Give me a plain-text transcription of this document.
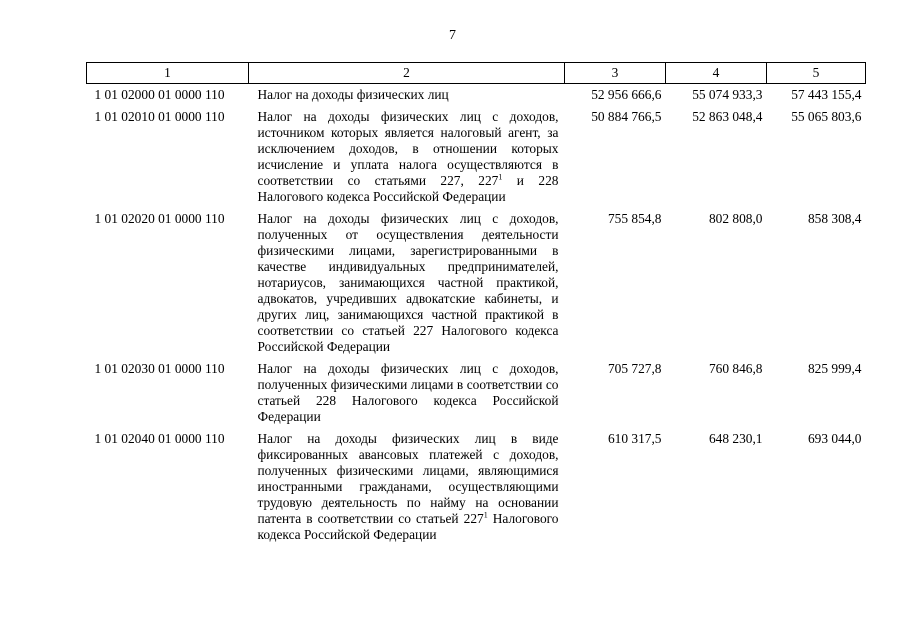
7
1	2	3	4	5
1 01 02000 01 0000 110	Налог на доходы физических лиц	52 956 666,6	55 074 933,3	57 443 155,4
1 01 02010 01 0000 110	Налог на доходы физических лиц с доходов, источником которых является налоговый агент, за исключением доходов, в отношении которых исчисление и уплата налога осуществляются в соответствии со статьями 227, $227^1$ и 228 Налогового кодекса Российской Федерации	50 884 766,5	52 863 048,4	55 065 803,6
1 01 02020 01 0000 110	Налог на доходы физических лиц с доходов, полученных от осуществления деятельности физическими лицами, зарегистрированными в качестве индивидуальных предпринимателей, нотариусов, занимающихся частной практикой, адвокатов, учредивших адвокатские кабинеты, и других лиц, занимающихся частной практикой в соответствии со статьей 227 Налогового кодекса Российской Федерации	755 854,8	802 808,0	858 308,4
1 01 02030 01 0000 110	Налог на доходы физических лиц с доходов, полученных физическими лицами в соответствии со статьей 228 Налогового кодекса Российской Федерации	705 727,8	760 846,8	825 999,4
1 01 02040 01 0000 110	Налог на доходы физических лиц в виде фиксированных авансовых платежей с доходов, полученных физическими лицами, являющимися иностранными гражданами, осуществляющими трудовую деятельность по найму на основании патента в соответствии со статьей $227^1$ Налогового кодекса Российской Федерации	610 317,5	648 230,1	693 044,0
